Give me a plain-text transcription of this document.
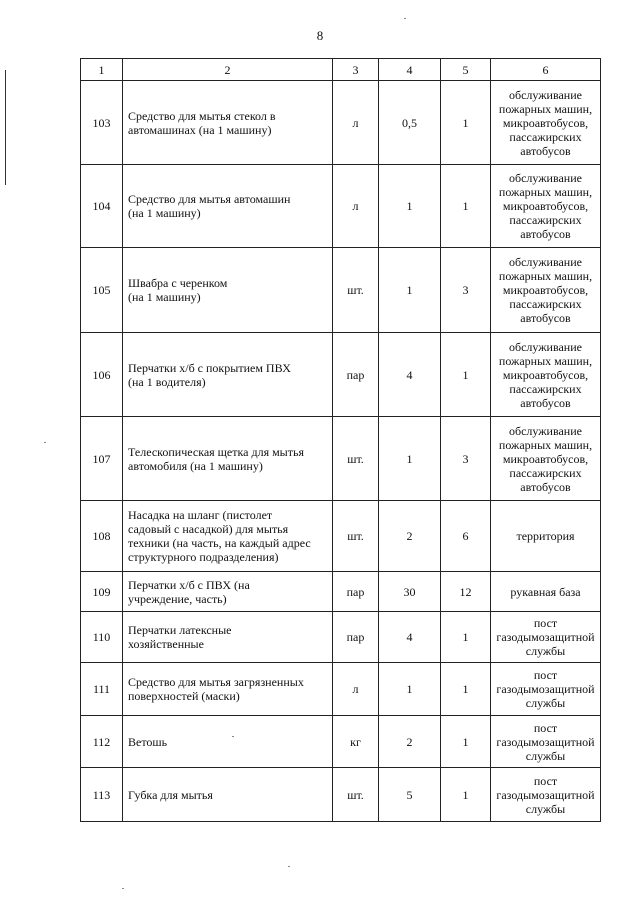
8
1	2	3	4	5	6
103	Средство для мытья стекол в
автомашинах (на 1 машину)	л	0,5	1	обслуживание
пожарных машин,
микроавтобусов,
пассажирских
автобусов
104	Средство для мытья автомашин
(на 1 машину)	л	1	1	обслуживание
пожарных машин,
микроавтобусов,
пассажирских
автобусов
105	Швабра с черенком
(на 1 машину)	шт.	1	3	обслуживание
пожарных машин,
микроавтобусов,
пассажирских
автобусов
106	Перчатки х/б с покрытием ПВХ
(на 1 водителя)	пар	4	1	обслуживание
пожарных машин,
микроавтобусов,
пассажирских
автобусов
107	Телескопическая щетка для мытья
автомобиля (на 1 машину)	шт.	1	3	обслуживание
пожарных машин,
микроавтобусов,
пассажирских
автобусов
108	Насадка на шланг (пистолет
садовый с насадкой) для мытья
техники (на часть, на каждый адрес
структурного подразделения)	шт.	2	6	территория
109	Перчатки х/б с ПВХ (на
учреждение, часть)	пар	30	12	рукавная база
110	Перчатки латексные
хозяйственные	пар	4	1	пост
газодымозащитной
службы
111	Средство для мытья загрязненных
поверхностей (маски)	л	1	1	пост
газодымозащитной
службы
112	Ветошь	кг	2	1	пост
газодымозащитной
службы
113	Губка для мытья	шт.	5	1	пост
газодымозащитной
службы
